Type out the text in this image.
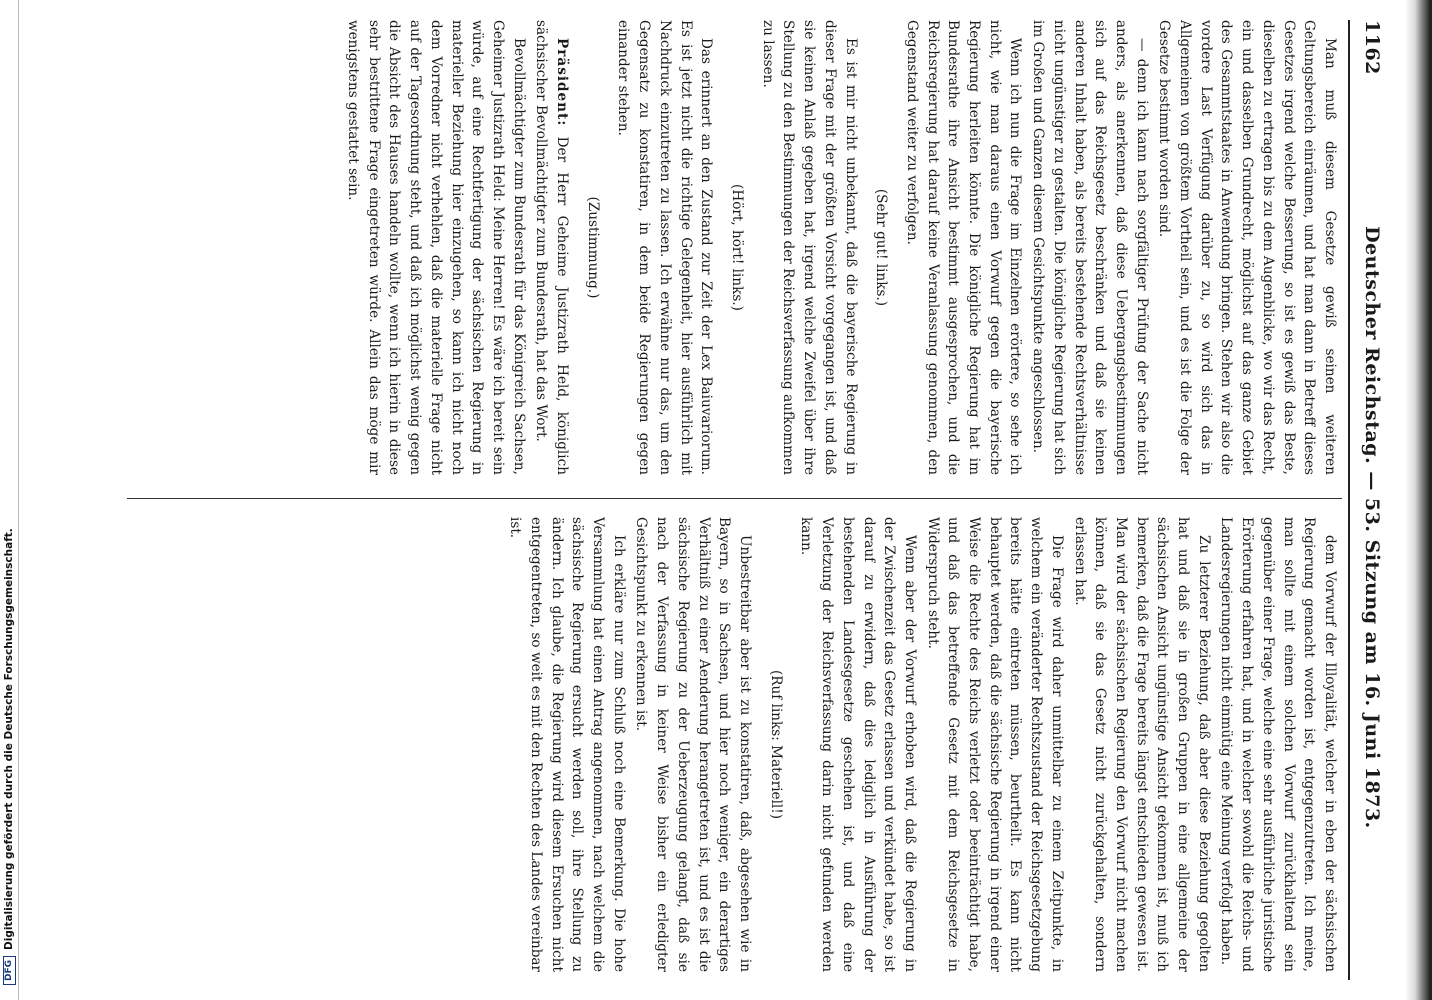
DFG
Digitalisierung gefördert durch die Deutsche Forschungsgemeinschaft.
1162
Deutscher Reichstag. — 53. Sitzung am 16. Juni 1873.

Man muß diesem Gesetze gewiß seinen weiteren Geltungsbereich einräumen, und hat man dann in Betreff dieses Gesetzes irgend welche Besserung, so ist es gewiß das Beste, dieselben zu ertragen bis zu dem Augenblicke, wo wir das Recht, ein und dasselben Grundrecht, möglichst auf das ganze Gebiet des Gesammtstaates in Anwendung bringen. Stehen wir also die vordere Last Verfügung darüber zu, so wird sich das in Allgemeinen von größtem Vortheil sein, und es ist die Folge der Gesetze bestimmt worden sind.

— denn ich kann nach sorgfältiger Prüfung der Sache nicht anders, als anerkennen, daß diese Uebergangsbestimmungen sich auf das Reichsgesetz beschränken und daß sie keinen anderen Inhalt haben, als bereits bestehende Rechtsverhältnisse nicht ungünstiger zu gestalten. Die königliche Regierung hat sich im Großen und Ganzen diesem Gesichtspunkte angeschlossen.

Wenn ich nun die Frage im Einzelnen erörtere, so sehe ich nicht, wie man daraus einen Vorwurf gegen die bayerische Regierung herleiten könnte. Die königliche Regierung hat im Bundesrathe ihre Ansicht bestimmt ausgesprochen, und die Reichsregierung hat darauf keine Veranlassung genommen, den Gegenstand weiter zu verfolgen.

(Sehr gut! links.)

Es ist mir nicht unbekannt, daß die bayerische Regierung in dieser Frage mit der größten Vorsicht vorgegangen ist, und daß sie keinen Anlaß gegeben hat, irgend welche Zweifel über ihre Stellung zu den Bestimmungen der Reichsverfassung aufkommen zu lassen.

(Hört, hört! links.)

Das erinnert an den Zustand zur Zeit der Lex Baiuvariorum. Es ist jetzt nicht die richtige Gelegenheit, hier ausführlich mit Nachdruck einzutreten zu lassen. Ich erwähne nur das, um den Gegensatz zu konstatiren, in dem beide Regierungen gegen einander stehen.

(Zustimmung.)

Präsident: Der Herr Geheime Justizrath Held, königlich sächsischer Bevollmächtigter zum Bundesrath, hat das Wort.

Bevollmächtigter zum Bundesrath für das Königreich Sachsen, Geheimer Justizrath Held: Meine Herren! Es wäre ich bereit sein würde, auf eine Rechtfertigung der sächsischen Regierung in materieller Beziehung hier einzugehen, so kann ich nicht noch dem Vorredner nicht verhehlen, daß die materielle Frage nicht auf der Tagesordnung steht, und daß ich möglichst wenig gegen die Absicht des Hauses handeln wollte, wenn ich hierin in diese sehr bestrittene Frage eingetreten würde. Allein das möge mir wenigstens gestattet sein.

dem Vorwurf der Illoyalität, welcher in eben der sächsischen Regierung gemacht worden ist, entgegenzutreten. Ich meine, man sollte mit einem solchen Vorwurf zurückhaltend sein gegenüber einer Frage, welche eine sehr ausführliche juristische Erörterung erfahren hat, und in welcher sowohl die Reichs- und Landesregierungen nicht einmütig eine Meinung verfolgt haben.

Zu letzterer Beziehung, daß aber diese Beziehung gegolten hat und daß sie in großen Gruppen in eine allgemeine der sächsischen Ansicht ungünstige Ansicht gekommen ist, muß ich bemerken, daß die Frage bereits längst entschieden gewesen ist. Man wird der sächsischen Regierung den Vorwurf nicht machen können, daß sie das Gesetz nicht zurückgehalten, sondern erlassen hat.

Die Frage wird daher unmittelbar zu einem Zeitpunkte, in welchem ein veränderter Rechtszustand der Reichsgesetzgebung bereits hätte eintreten müssen, beurtheilt. Es kann nicht behauptet werden, daß die sächsische Regierung in irgend einer Weise die Rechte des Reichs verletzt oder beeinträchtigt habe, und daß das betreffende Gesetz mit dem Reichsgesetze in Widerspruch steht.

Wenn aber der Vorwurf erhoben wird, daß die Regierung in der Zwischenzeit das Gesetz erlassen und verkündet habe, so ist darauf zu erwidern, daß dies lediglich in Ausführung der bestehenden Landesgesetze geschehen ist, und daß eine Verletzung der Reichsverfassung darin nicht gefunden werden kann.

(Ruf links: Materiell!)

Unbestreitbar aber ist zu konstatiren, daß, abgesehen wie in Bayern, so in Sachsen, und hier noch weniger, ein derartiges Verhältniß zu einer Aenderung herangetreten ist, und es ist die sächsische Regierung zu der Ueberzeugung gelangt, daß sie nach der Verfassung in keiner Weise bisher ein erledigter Gesichtspunkt zu erkennen ist.

Ich erkläre nur zum Schluß noch eine Bemerkung. Die hohe Versammlung hat einen Antrag angenommen, nach welchem die sächsische Regierung ersucht werden soll, ihre Stellung zu ändern. Ich glaube, die Regierung wird diesem Ersuchen nicht entgegentreten, so weit es mit den Rechten des Landes vereinbar ist.
